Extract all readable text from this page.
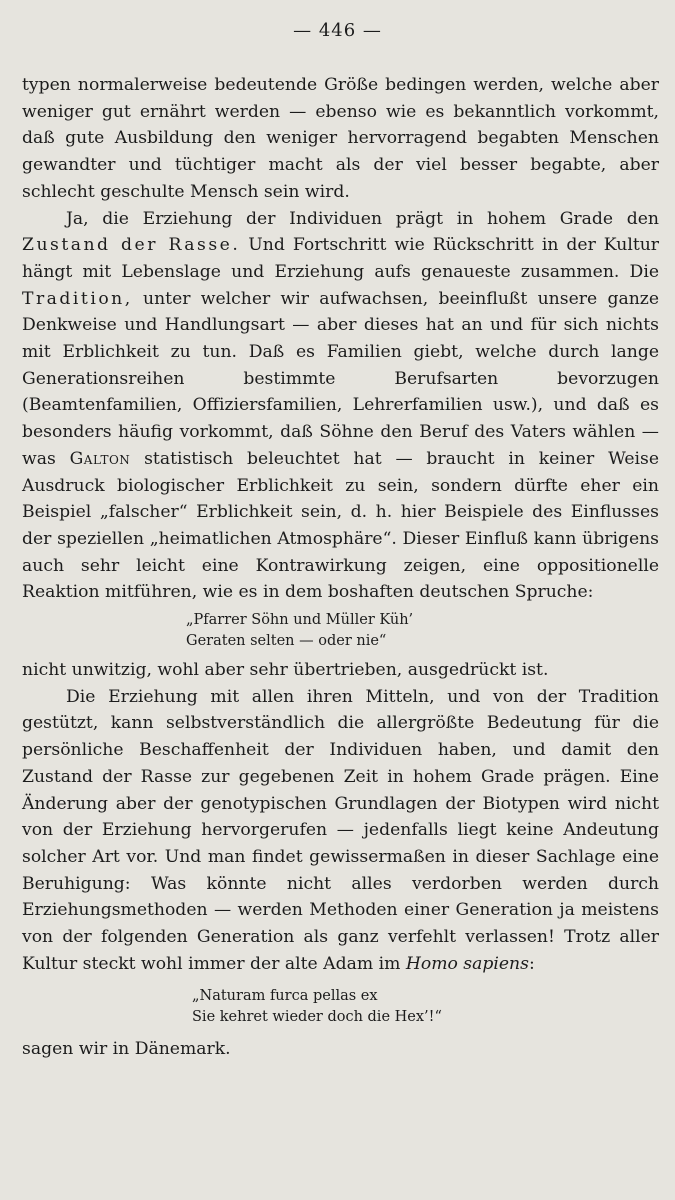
— 446 —

typen normalerweise bedeutende Größe bedingen werden, welche aber weniger gut ernährt werden — ebenso wie es bekanntlich vorkommt, daß gute Ausbildung den weniger hervorragend begabten Menschen gewandter und tüchtiger macht als der viel besser begabte, aber schlecht geschulte Mensch sein wird.

Ja, die Erziehung der Individuen prägt in hohem Grade den Zustand der Rasse. Und Fortschritt wie Rückschritt in der Kultur hängt mit Lebenslage und Erziehung aufs genaueste zusammen. Die Tradition, unter welcher wir aufwachsen, beeinflußt unsere ganze Denkweise und Handlungsart — aber dieses hat an und für sich nichts mit Erblichkeit zu tun. Daß es Familien giebt, welche durch lange Generationsreihen bestimmte Berufsarten bevorzugen (Beamtenfamilien, Offiziersfamilien, Lehrerfamilien usw.), und daß es besonders häufig vorkommt, daß Söhne den Beruf des Vaters wählen — was Galton statistisch beleuchtet hat — braucht in keiner Weise Ausdruck biologischer Erblichkeit zu sein, sondern dürfte eher ein Beispiel „falscher“ Erblichkeit sein, d. h. hier Beispiele des Einflusses der speziellen „heimatlichen Atmosphäre“. Dieser Einfluß kann übrigens auch sehr leicht eine Kontrawirkung zeigen, eine oppositionelle Reaktion mitführen, wie es in dem boshaften deutschen Spruche:

„Pfarrer Söhn und Müller Küh’
Geraten selten — oder nie“

nicht unwitzig, wohl aber sehr übertrieben, ausgedrückt ist.

Die Erziehung mit allen ihren Mitteln, und von der Tradition gestützt, kann selbstverständlich die allergrößte Bedeutung für die persönliche Beschaffenheit der Individuen haben, und damit den Zustand der Rasse zur gegebenen Zeit in hohem Grade prägen. Eine Änderung aber der genotypischen Grundlagen der Biotypen wird nicht von der Erziehung hervorgerufen — jedenfalls liegt keine Andeutung solcher Art vor. Und man findet gewissermaßen in dieser Sachlage eine Beruhigung: Was könnte nicht alles verdorben werden durch Erziehungsmethoden — werden Methoden einer Generation ja meistens von der folgenden Generation als ganz verfehlt verlassen! Trotz aller Kultur steckt wohl immer der alte Adam im Homo sapiens:

„Naturam furca pellas ex
Sie kehret wieder doch die Hex’!“

sagen wir in Dänemark.
